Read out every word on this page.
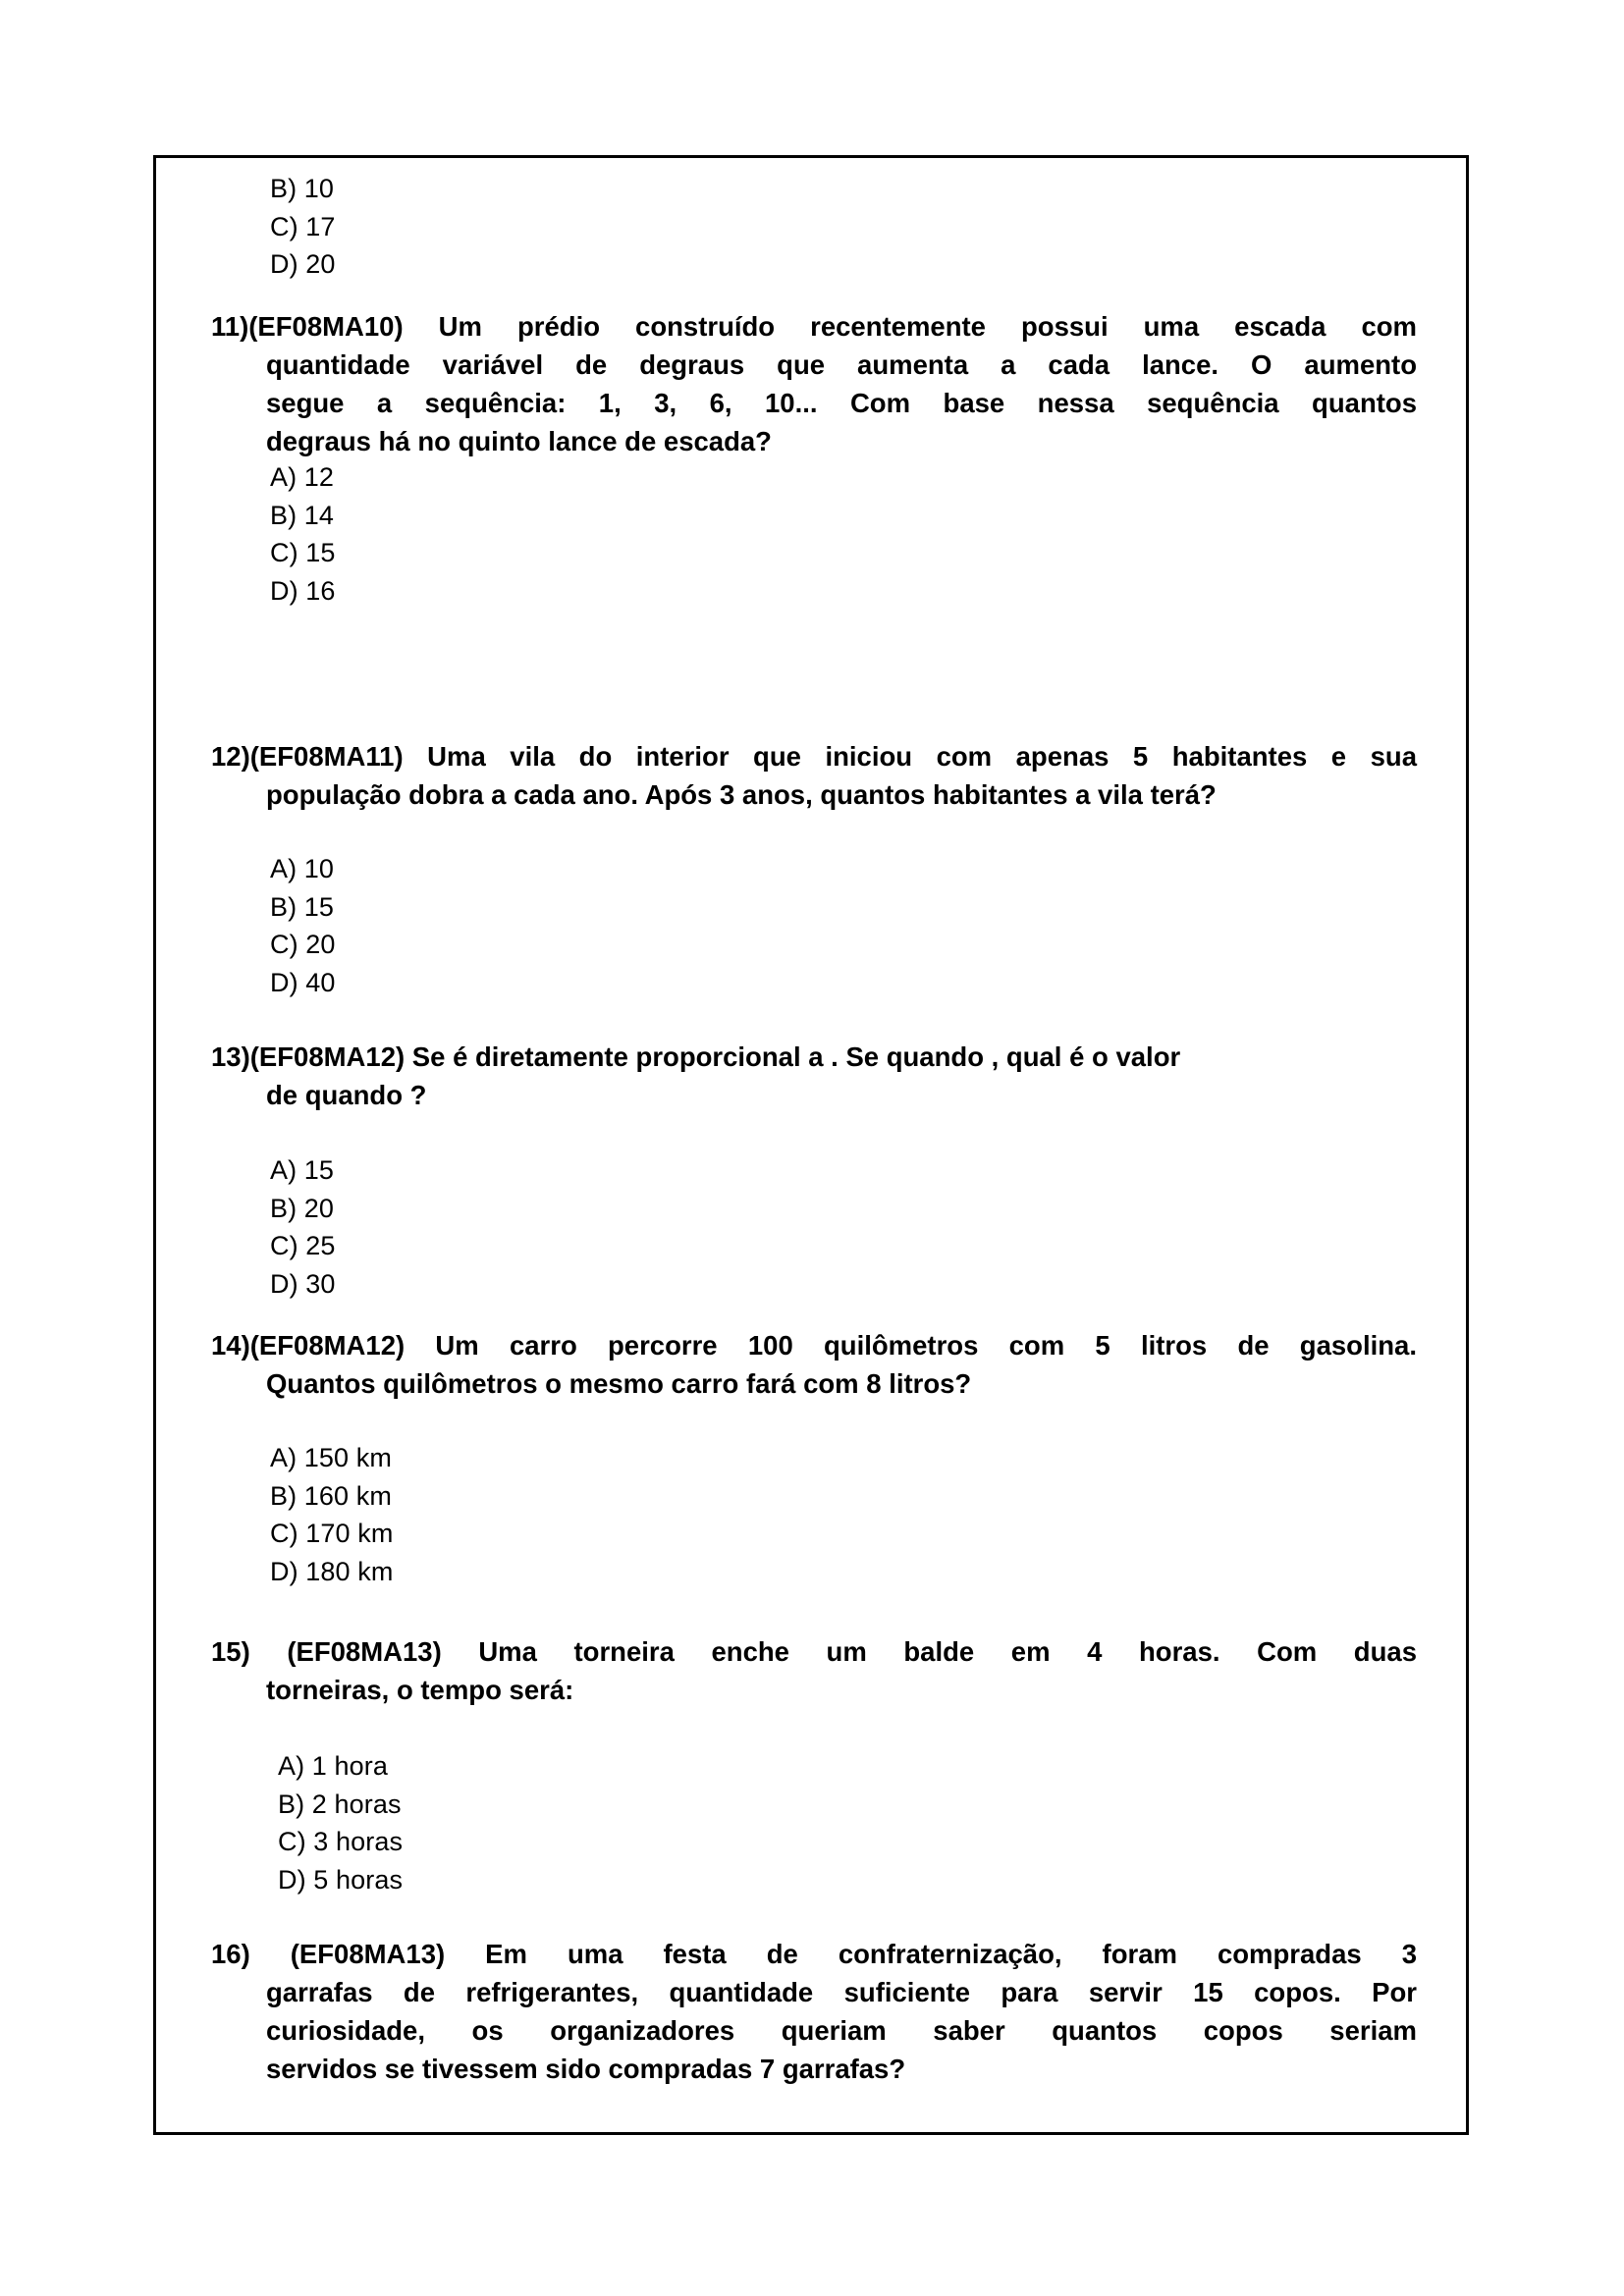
B) 10
C) 17
D) 20
11)(EF08MA10) Um prédio construído recentemente possui uma escada com
quantidade variável de degraus que aumenta a cada lance. O aumento
segue a sequência: 1, 3, 6, 10... Com base nessa sequência quantos
degraus há no quinto lance de escada?
A) 12
B) 14
C) 15
D) 16
12)(EF08MA11) Uma vila do interior que iniciou com apenas 5 habitantes e sua
população dobra a cada ano. Após 3 anos, quantos habitantes a vila terá?
A) 10
B) 15
C) 20
D) 40
13)(EF08MA12) Se é diretamente proporcional a . Se quando , qual é o valor
de quando ?
A) 15
B) 20
C) 25
D) 30
14)(EF08MA12) Um carro percorre 100 quilômetros com 5 litros de gasolina.
Quantos quilômetros o mesmo carro fará com 8 litros?
A) 150 km
B) 160 km
C) 170 km
D) 180 km
15) (EF08MA13) Uma torneira enche um balde em 4 horas. Com duas
torneiras, o tempo será:
A) 1 hora
B) 2 horas
C) 3 horas
D) 5 horas
16) (EF08MA13) Em uma festa de confraternização, foram compradas 3
garrafas de refrigerantes, quantidade suficiente para servir 15 copos. Por
curiosidade, os organizadores queriam saber quantos copos seriam
servidos se tivessem sido compradas 7 garrafas?
